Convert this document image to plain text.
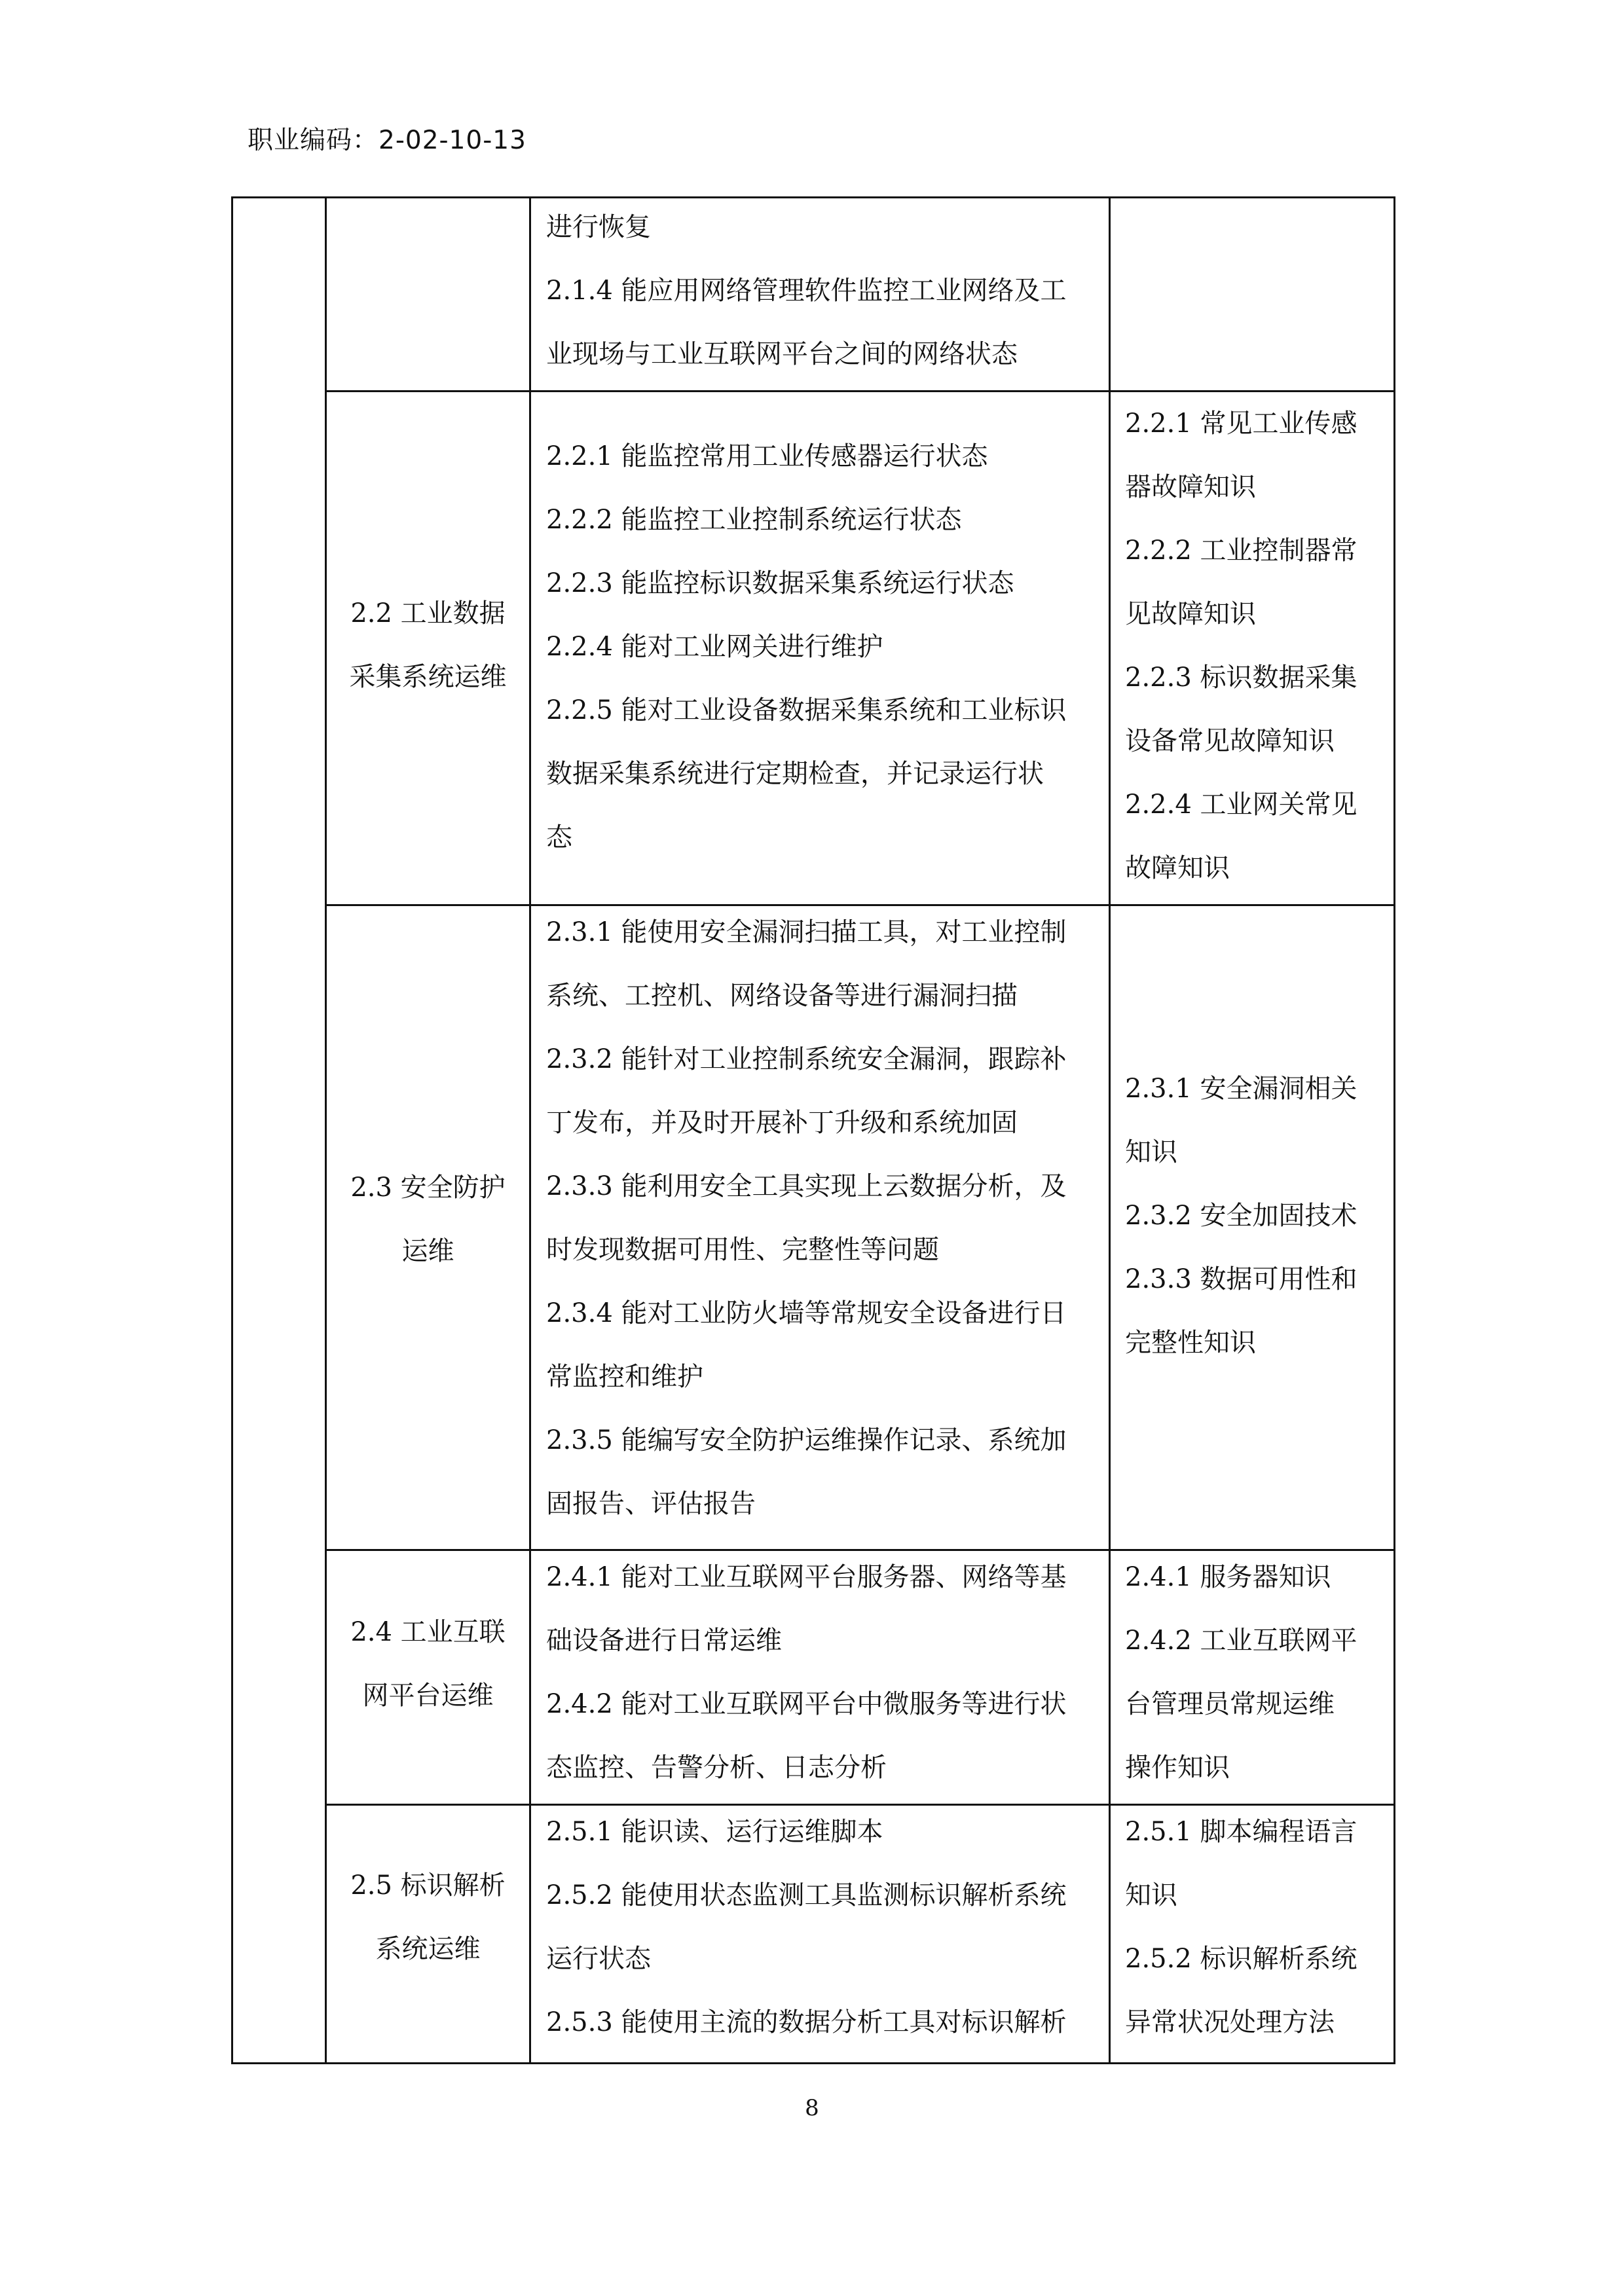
职业编码：2-02-10-13
进行恢复
2.1.4 能应用网络管理软件监控工业网络及工
业现场与工业互联网平台之间的网络状态
2.2 工业数据
采集系统运维
2.2.1 能监控常用工业传感器运行状态
2.2.2 能监控工业控制系统运行状态
2.2.3 能监控标识数据采集系统运行状态
2.2.4 能对工业网关进行维护
2.2.5 能对工业设备数据采集系统和工业标识
数据采集系统进行定期检查，并记录运行状
态
2.2.1 常见工业传感
器故障知识
2.2.2 工业控制器常
见故障知识
2.2.3 标识数据采集
设备常见故障知识
2.2.4 工业网关常见
故障知识
2.3 安全防护
运维
2.3.1 能使用安全漏洞扫描工具，对工业控制
系统、工控机、网络设备等进行漏洞扫描
2.3.2 能针对工业控制系统安全漏洞，跟踪补
丁发布，并及时开展补丁升级和系统加固
2.3.3 能利用安全工具实现上云数据分析，及
时发现数据可用性、完整性等问题
2.3.4 能对工业防火墙等常规安全设备进行日
常监控和维护
2.3.5 能编写安全防护运维操作记录、系统加
固报告、评估报告
2.3.1 安全漏洞相关
知识
2.3.2 安全加固技术
2.3.3 数据可用性和
完整性知识
2.4 工业互联
网平台运维
2.4.1 能对工业互联网平台服务器、网络等基
础设备进行日常运维
2.4.2 能对工业互联网平台中微服务等进行状
态监控、告警分析、日志分析
2.4.1 服务器知识
2.4.2 工业互联网平
台管理员常规运维
操作知识
2.5 标识解析
系统运维
2.5.1 能识读、运行运维脚本
2.5.2 能使用状态监测工具监测标识解析系统
运行状态
2.5.3 能使用主流的数据分析工具对标识解析
2.5.1 脚本编程语言
知识
2.5.2 标识解析系统
异常状况处理方法
8
